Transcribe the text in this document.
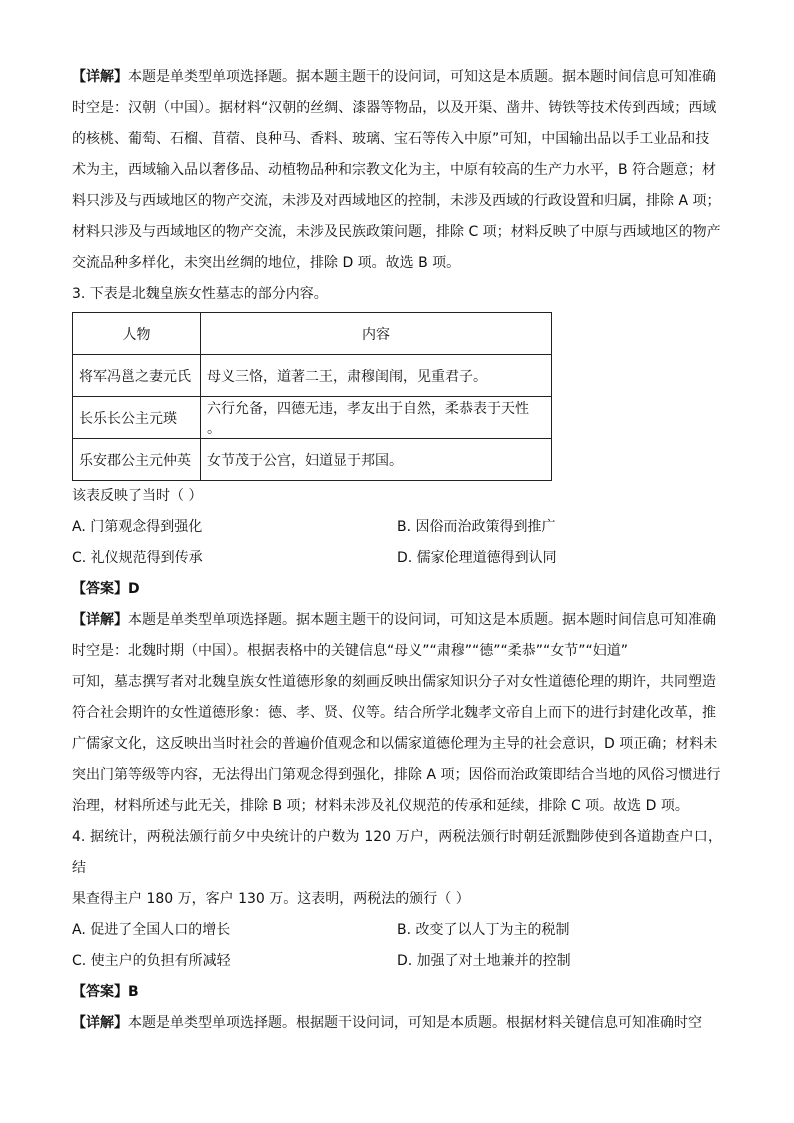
【详解】本题是单类型单项选择题。据本题主题干的设问词，可知这是本质题。据本题时间信息可知准确

时空是：汉朝（中国）。据材料“汉朝的丝绸、漆器等物品，以及开渠、凿井、铸铁等技术传到西域；西域

的核桃、葡萄、石榴、苜蓿、良种马、香料、玻璃、宝石等传入中原”可知，中国输出品以手工业品和技

术为主，西域输入品以奢侈品、动植物品种和宗教文化为主，中原有较高的生产力水平，B 符合题意；材

料只涉及与西域地区的物产交流，未涉及对西域地区的控制，未涉及西域的行政设置和归属，排除 A 项；

材料只涉及与西域地区的物产交流，未涉及民族政策问题，排除 C 项；材料反映了中原与西域地区的物产

交流品种多样化，未突出丝绸的地位，排除 D 项。故选 B 项。

3. 下表是北魏皇族女性墓志的部分内容。

人物	内容
将军冯邕之妻元氏	母义三恪，道著二王，肃穆闺闱，见重君子。
长乐长公主元瑛	六行允备，四德无违，孝友出于自然，柔恭表于天性 。
乐安郡公主元仲英	女节茂于公宫，妇道显于邦国。

该表反映了当时（ ）

A. 门第观念得到强化	B. 因俗而治政策得到推广
C. 礼仪规范得到传承	D. 儒家伦理道德得到认同

【答案】D

【详解】本题是单类型单项选择题。据本题主题干的设问词，可知这是本质题。据本题时间信息可知准确

时空是：北魏时期（中国）。根据表格中的关键信息“母义”“肃穆”“德”“柔恭”“女节”“妇道”

可知，墓志撰写者对北魏皇族女性道德形象的刻画反映出儒家知识分子对女性道德伦理的期许，共同塑造

符合社会期许的女性道德形象：德、孝、贤、仪等。结合所学北魏孝文帝自上而下的进行封建化改革，推

广儒家文化，这反映出当时社会的普遍价值观念和以儒家道德伦理为主导的社会意识，D 项正确；材料未

突出门第等级等内容，无法得出门第观念得到强化，排除 A 项；因俗而治政策即结合当地的风俗习惯进行

治理，材料所述与此无关，排除 B 项；材料未涉及礼仪规范的传承和延续，排除 C 项。故选 D 项。

4. 据统计，两税法颁行前夕中央统计的户数为 120 万户，两税法颁行时朝廷派黜陟使到各道勘查户口，结

果查得主户 180 万，客户 130 万。这表明，两税法的颁行（ ）

A. 促进了全国人口的增长	B. 改变了以人丁为主的税制
C. 使主户的负担有所减轻	D. 加强了对土地兼并的控制

【答案】B

【详解】本题是单类型单项选择题。根据题干设问词，可知是本质题。根据材料关键信息可知准确时空
